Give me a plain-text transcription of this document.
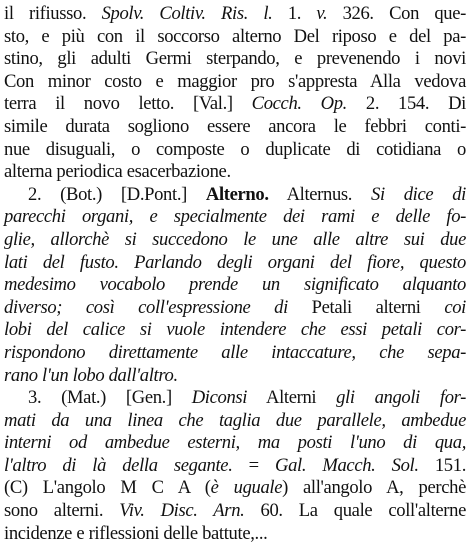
il rifiusso. Spolv. Coltiv. Ris. l. 1. v. 326. Con que-
sto, e più con il soccorso alterno Del riposo e del pa-
stino, gli adulti Germi sterpando, e prevenendo i novi
Con minor costo e maggior pro s'appresta Alla vedova
terra il novo letto. [Val.] Cocch. Op. 2. 154. Di
simile durata sogliono essere ancora le febbri conti-
nue disuguali, o composte o duplicate di cotidiana o
alterna periodica esacerbazione.
2. (Bot.) [D.Pont.] Alterno. Alternus. Si dice di
parecchi organi, e specialmente dei rami e delle fo-
glie, allorchè si succedono le une alle altre sui due
lati del fusto. Parlando degli organi del fiore, questo
medesimo vocabolo prende un significato alquanto
diverso; così coll'espressione di Petali alterni coi
lobi del calice si vuole intendere che essi petali cor-
rispondono direttamente alle intaccature, che sepa-
rano l'un lobo dall'altro.
3. (Mat.) [Gen.] Diconsi Alterni gli angoli for-
mati da una linea che taglia due parallele, ambedue
interni od ambedue esterni, ma posti l'uno di qua,
l'altro di là della segante. = Gal. Macch. Sol. 151.
(C) L'angolo M C A (è uguale) all'angolo A, perchè
sono alterni. Viv. Disc. Arn. 60. La quale coll'alterne
incidenze e riflessioni delle battute,...
